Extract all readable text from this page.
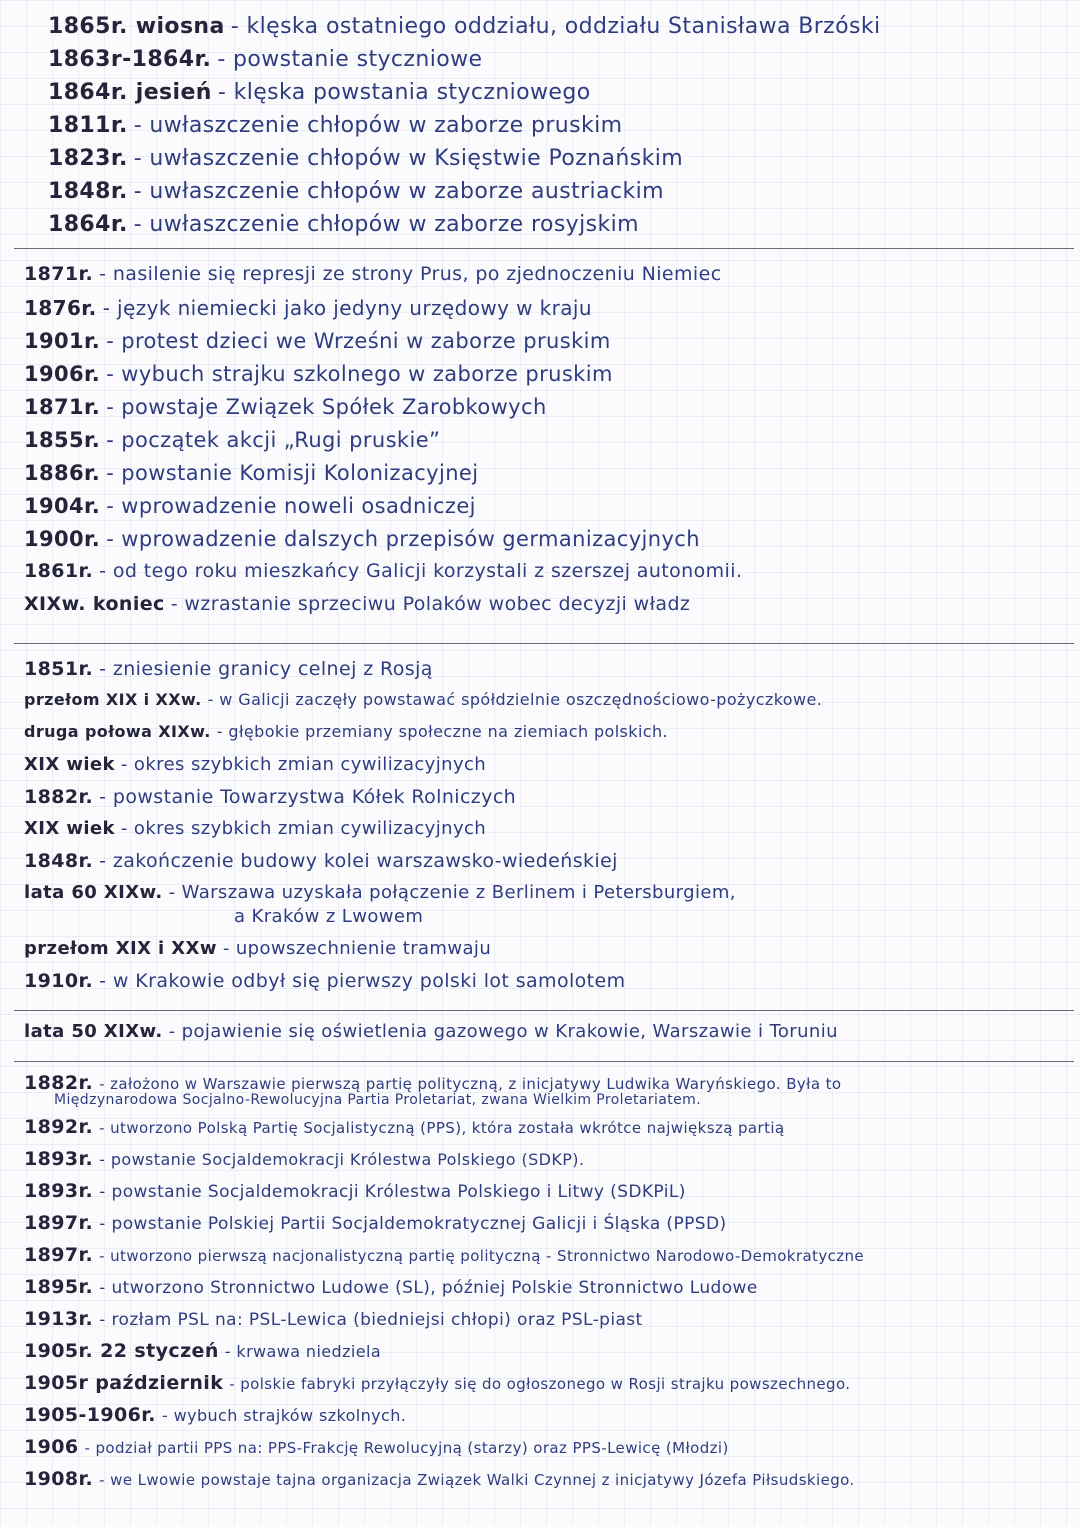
1865r. wiosna - klęska ostatniego oddziału, oddziału Stanisława Brzóski
1863r-1864r. - powstanie styczniowe
1864r. jesień - klęska powstania styczniowego
1811r. - uwłaszczenie chłopów w zaborze pruskim
1823r. - uwłaszczenie chłopów w Księstwie Poznańskim
1848r. - uwłaszczenie chłopów w zaborze austriackim
1864r. - uwłaszczenie chłopów w zaborze rosyjskim
1871r. - nasilenie się represji ze strony Prus, po zjednoczeniu Niemiec
1876r. - język niemiecki jako jedyny urzędowy w kraju
1901r. - protest dzieci we Wrześni w zaborze pruskim
1906r. - wybuch strajku szkolnego w zaborze pruskim
1871r. - powstaje Związek Spółek Zarobkowych
1855r. - początek akcji „Rugi pruskie”
1886r. - powstanie Komisji Kolonizacyjnej
1904r. - wprowadzenie noweli osadniczej
1900r. - wprowadzenie dalszych przepisów germanizacyjnych
1861r. - od tego roku mieszkańcy Galicji korzystali z szerszej autonomii.
XIXw. koniec - wzrastanie sprzeciwu Polaków wobec decyzji władz
1851r. - zniesienie granicy celnej z Rosją
przełom XIX i XXw. - w Galicji zaczęły powstawać spółdzielnie oszczędnościowo-pożyczkowe.
druga połowa XIXw. - głębokie przemiany społeczne na ziemiach polskich.
XIX wiek - okres szybkich zmian cywilizacyjnych
1882r. - powstanie Towarzystwa Kółek Rolniczych
XIX wiek - okres szybkich zmian cywilizacyjnych
1848r. - zakończenie budowy kolei warszawsko-wiedeńskiej
lata 60 XIXw. - Warszawa uzyskała połączenie z Berlinem i Petersburgiem,
a Kraków z Lwowem
przełom XIX i XXw - upowszechnienie tramwaju
1910r. - w Krakowie odbył się pierwszy polski lot samolotem
lata 50 XIXw. - pojawienie się oświetlenia gazowego w Krakowie, Warszawie i Toruniu
1882r. - założono w Warszawie pierwszą partię polityczną, z inicjatywy Ludwika Waryńskiego. Była to
Międzynarodowa Socjalno-Rewolucyjna Partia Proletariat, zwana Wielkim Proletariatem.
1892r. - utworzono Polską Partię Socjalistyczną (PPS), która została wkrótce największą partią
1893r. - powstanie Socjaldemokracji Królestwa Polskiego (SDKP).
1893r. - powstanie Socjaldemokracji Królestwa Polskiego i Litwy (SDKPiL)
1897r. - powstanie Polskiej Partii Socjaldemokratycznej Galicji i Śląska (PPSD)
1897r. - utworzono pierwszą nacjonalistyczną partię polityczną - Stronnictwo Narodowo-Demokratyczne
1895r. - utworzono Stronnictwo Ludowe (SL), później Polskie Stronnictwo Ludowe
1913r. - rozłam PSL na: PSL-Lewica (biedniejsi chłopi) oraz PSL-piast
1905r. 22 styczeń - krwawa niedziela
1905r październik - polskie fabryki przyłączyły się do ogłoszonego w Rosji strajku powszechnego.
1905-1906r. - wybuch strajków szkolnych.
1906 - podział partii PPS na: PPS-Frakcję Rewolucyjną (starzy) oraz PPS-Lewicę (Młodzi)
1908r. - we Lwowie powstaje tajna organizacja Związek Walki Czynnej z inicjatywy Józefa Piłsudskiego.
